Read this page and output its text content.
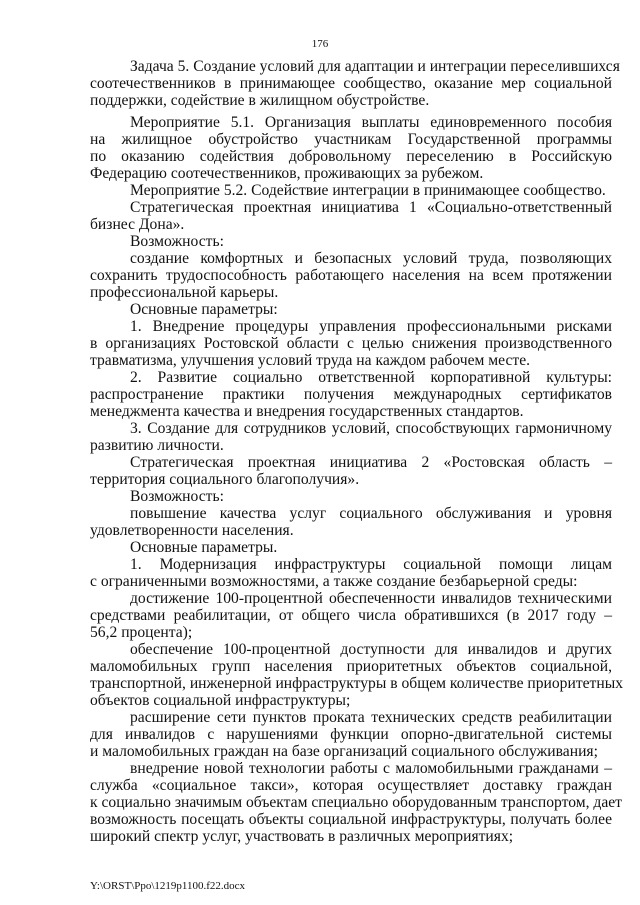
176
Задача 5. Создание условий для адаптации и интеграции переселившихся
соотечественников в принимающее сообщество, оказание мер социальной
поддержки, содействие в жилищном обустройстве.
Мероприятие 5.1. Организация выплаты единовременного пособия
на жилищное обустройство участникам Государственной программы
по оказанию содействия добровольному переселению в Российскую
Федерацию соотечественников, проживающих за рубежом.
Мероприятие 5.2. Содействие интеграции в принимающее сообщество.
Стратегическая проектная инициатива 1 «Социально-ответственный
бизнес Дона».
Возможность:
создание комфортных и безопасных условий труда, позволяющих
сохранить трудоспособность работающего населения на всем протяжении
профессиональной карьеры.
Основные параметры:
1. Внедрение процедуры управления профессиональными рисками
в организациях Ростовской области с целью снижения производственного
травматизма, улучшения условий труда на каждом рабочем месте.
2. Развитие социально ответственной корпоративной культуры:
распространение практики получения международных сертификатов
менеджмента качества и внедрения государственных стандартов.
3. Создание для сотрудников условий, способствующих гармоничному
развитию личности.
Стратегическая проектная инициатива 2 «Ростовская область –
территория социального благополучия».
Возможность:
повышение качества услуг социального обслуживания и уровня
удовлетворенности населения.
Основные параметры.
1. Модернизация инфраструктуры социальной помощи лицам
с ограниченными возможностями, а также создание безбарьерной среды:
достижение 100-процентной обеспеченности инвалидов техническими
средствами реабилитации, от общего числа обратившихся (в 2017 году –
56,2 процента);
обеспечение 100-процентной доступности для инвалидов и других
маломобильных групп населения приоритетных объектов социальной,
транспортной, инженерной инфраструктуры в общем количестве приоритетных
объектов социальной инфраструктуры;
расширение сети пунктов проката технических средств реабилитации
для инвалидов с нарушениями функции опорно-двигательной системы
и маломобильных граждан на базе организаций социального обслуживания;
внедрение новой технологии работы с маломобильными гражданами –
служба «социальное такси», которая осуществляет доставку граждан
к социально значимым объектам специально оборудованным транспортом, дает
возможность посещать объекты социальной инфраструктуры, получать более
широкий спектр услуг, участвовать в различных мероприятиях;
Y:\ORST\Ppo\1219p1100.f22.docx
